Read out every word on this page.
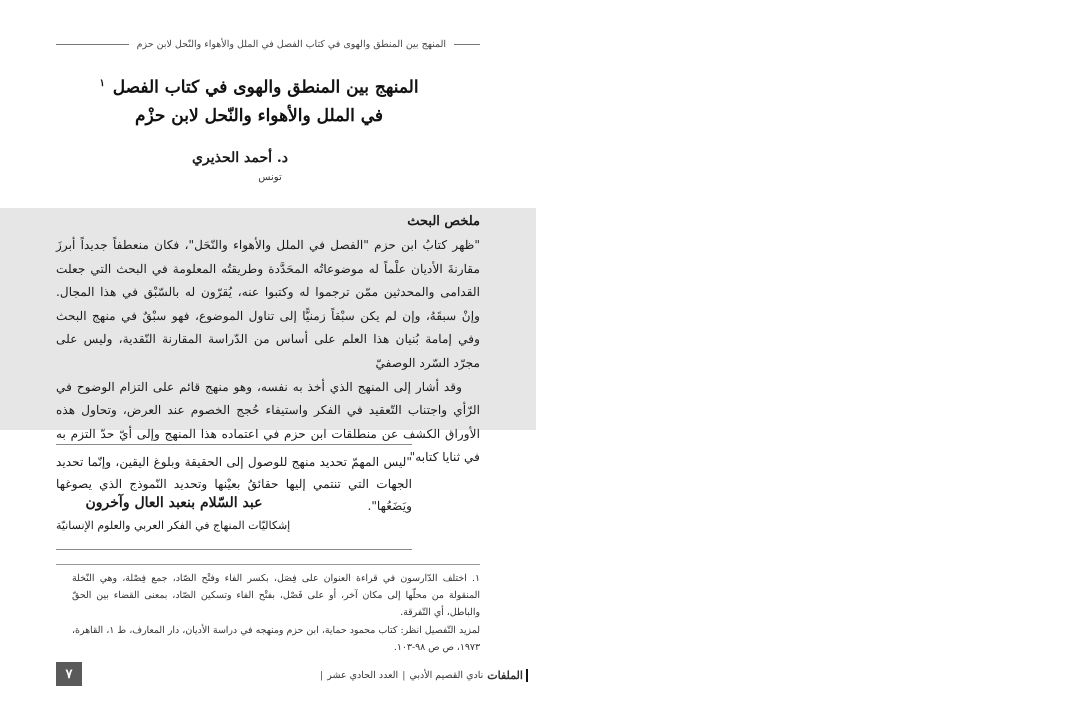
المنهج بين المنطق والهوى في كتاب الفصل في الملل والأهواء والنّحل لابن حزم
المنهج بين المنطق والهوى في كتاب الفصل $^١$
في الملل والأهواء والنّحل لابن حزْم
د. أحمد الحذيري
تونس
ملخص البحث

"ظهر كتابُ ابن حزم "الفصل في الملل والأهواء والنّحَل"، فكان منعطفاً جديداً أبرزَ مقارنةَ الأديان علْماً له موضوعاتُه المحَدَّدة وطريقتُه المعلومة في البحث التي جعلت القدامى والمحدثين ممّن ترجموا له وكتبوا عنه، يُقرّون له بالسّبْق في هذا المجال. وإنْ سبقَهُ، وإن لم يكن سبْقاً زمنيًّا إلى تناول الموضوع، فهو سبْقٌ في منهج البحث وفي إمامة بُنيان هذا العلم على أساس من الدّراسة المقارنة النّقدية، وليس على مجرّد السّرد الوصفيّ

وقد أشار إلى المنهج الذي أخذ به نفسه، وهو منهج قائم على التزام الوضوح في الرّأي واجتناب التّعقيد في الفكر واستيفاء حُجج الخصوم عند العرض، وتحاول هذه الأوراق الكشف عن منطلقات ابن حزم في اعتماده هذا المنهج وإلى أيّ حدّ التزم به في ثنايا كتابه"

"ليس المهمّ تحديد منهج للوصول إلى الحقيقة وبلوغ اليقين، وإنّما تحديد الجهات التي تنتمي إليها حقائقُ بعيْنها وتحديد النّموذج الذي يصوغها ويَضَعُها".
عبد السّلام بنعبد العال وآخرون
إشكاليّات المنهاج في الفكر العربي والعلوم الإنسانيّة

١. اختلف الدّارسون في قراءة العنوان على فِصَل، بكسر الفاء وفتْح الصّاد، جمع فِصْلة، وهي النّخلة المنقولة من محلّها إلى مكان آخر، أو على فَصْل، بفتْح الفاء وتسكين الصّاد، بمعنى القضاء بين الحقّ والباطل، أي التّفرقة.

لمزيد التّفصيل انظر: كتاب محمود حماية، ابن حزم ومنهجه في دراسة الأديان، دار المعارف، ط ١، القاهرة، ١٩٧٣، ص ص ٩٨-١٠٣.

٧	الملفات
نادي القصيم الأدبي
|
العدد الحادي عشر
|
